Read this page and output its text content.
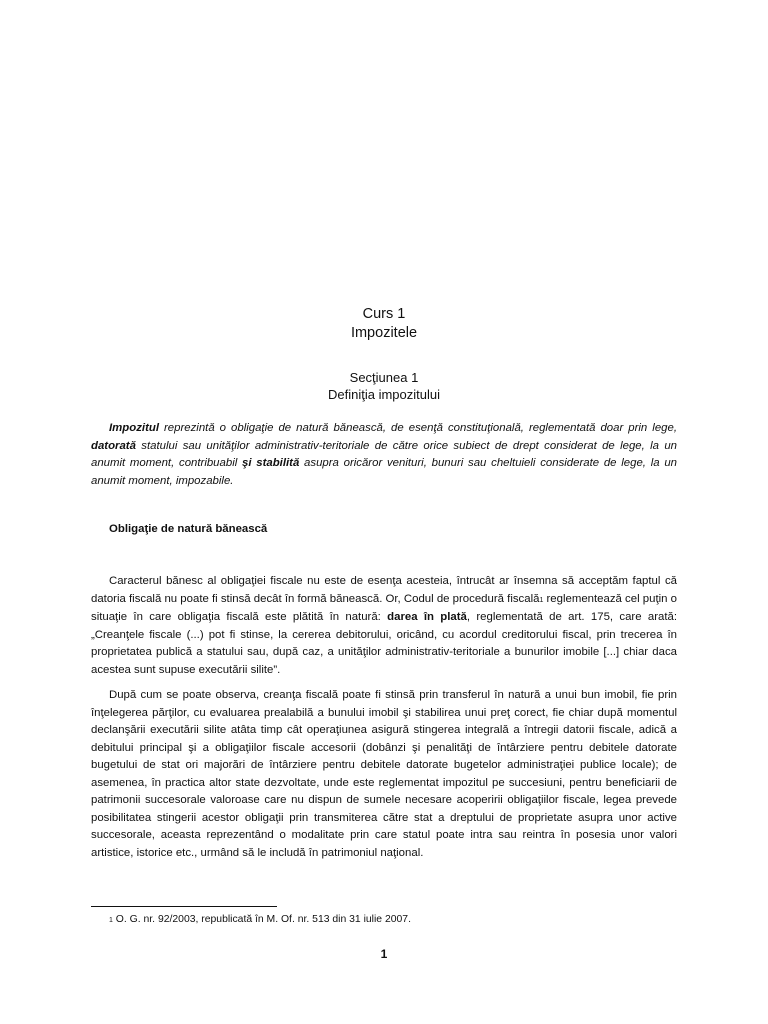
Curs 1
Impozitele
Secţiunea 1
Definiţia impozitului

Impozitul reprezintă o obligaţie de natură bănească, de esenţă constituţională, reglementată doar prin lege, datorată statului sau unităţilor administrativ-teritoriale de către orice subiect de drept considerat de lege, la un anumit moment, contribuabil şi stabilită asupra oricăror venituri, bunuri sau cheltuieli considerate de lege, la un anumit moment, impozabile.

Obligaţie de natură bănească

Caracterul bănesc al obligaţiei fiscale nu este de esenţa acesteia, întrucât ar însemna să acceptăm faptul că datoria fiscală nu poate fi stinsă decât în formă bănească. Or, Codul de procedură fiscală1 reglementează cel puţin o situaţie în care obligaţia fiscală este plătită în natură: darea în plată, reglementată de art. 175, care arată: „Creanţele fiscale (...) pot fi stinse, la cererea debitorului, oricând, cu acordul creditorului fiscal, prin trecerea în proprietatea publică a statului sau, după caz, a unităţilor administrativ-teritoriale a bunurilor imobile [...] chiar daca acestea sunt supuse executării silite”.

După cum se poate observa, creanţa fiscală poate fi stinsă prin transferul în natură a unui bun imobil, fie prin înţelegerea părţilor, cu evaluarea prealabilă a bunului imobil şi stabilirea unui preţ corect, fie chiar după momentul declanşării executării silite atâta timp cât operaţiunea asigură stingerea integrală a întregii datorii fiscale, adică a debitului principal şi a obligaţiilor fiscale accesorii (dobânzi şi penalităţi de întârziere pentru debitele datorate bugetului de stat ori majorări de întârziere pentru debitele datorate bugetelor administraţiei publice locale); de asemenea, în practica altor state dezvoltate, unde este reglementat impozitul pe succesiuni, pentru beneficiarii de patrimonii succesorale valoroase care nu dispun de sumele necesare acoperirii obligaţiilor fiscale, legea prevede posibilitatea stingerii acestor obligaţii prin transmiterea către stat a dreptului de proprietate asupra unor active succesorale, aceasta reprezentând o modalitate prin care statul poate intra sau reintra în posesia unor valori artistice, istorice etc., urmând să le includă în patrimoniul naţional.

1 O. G. nr. 92/2003, republicată în M. Of. nr. 513 din 31 iulie 2007.
1
